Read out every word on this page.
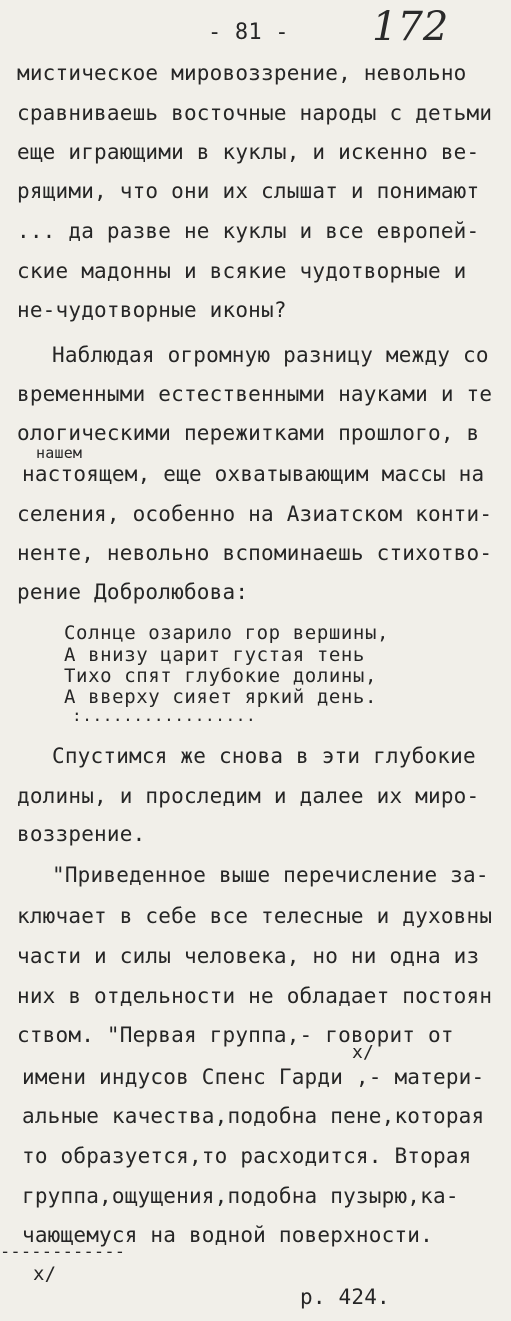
- 81 - 172
мистическое мировоззрение, невольно
сравниваешь восточные народы с детьми
еще играющими в куклы, и искенно ве-
рящими, что они их слышат и понимают
... да разве не куклы и все европей-
ские мадонны и всякие чудотворные и
не-чудотворные иконы?
Наблюдая огромную разницу между со
временными естественными науками и те
ологическими пережитками прошлого, в
нашем
настоящем, еще охватывающим массы на
селения, особенно на Азиатском конти-
ненте, невольно вспоминаешь стихотво-
рение Добролюбова:
Солнце озарило гор вершины,
А внизу царит густая тень
Тихо спят глубокие долины,
А вверху сияет яркий день.
:.................
Спустимся же снова в эти глубокие
долины, и проследим и далее их миро-
воззрение.
"Приведенное выше перечисление за-
ключает в себе все телесные и духовны
части и силы человека, но ни одна из
них в отдельности не обладает постоян
ством. "Первая группа,- говорит от
x/
имени индусов Спенс Гарди ,- матери-
альные качества,подобна пене,которая
то образуется,то расходится. Вторая
группа,ощущения,подобна пузырю,ка-
чающемуся на водной поверхности.
------------
x/
р. 424.
